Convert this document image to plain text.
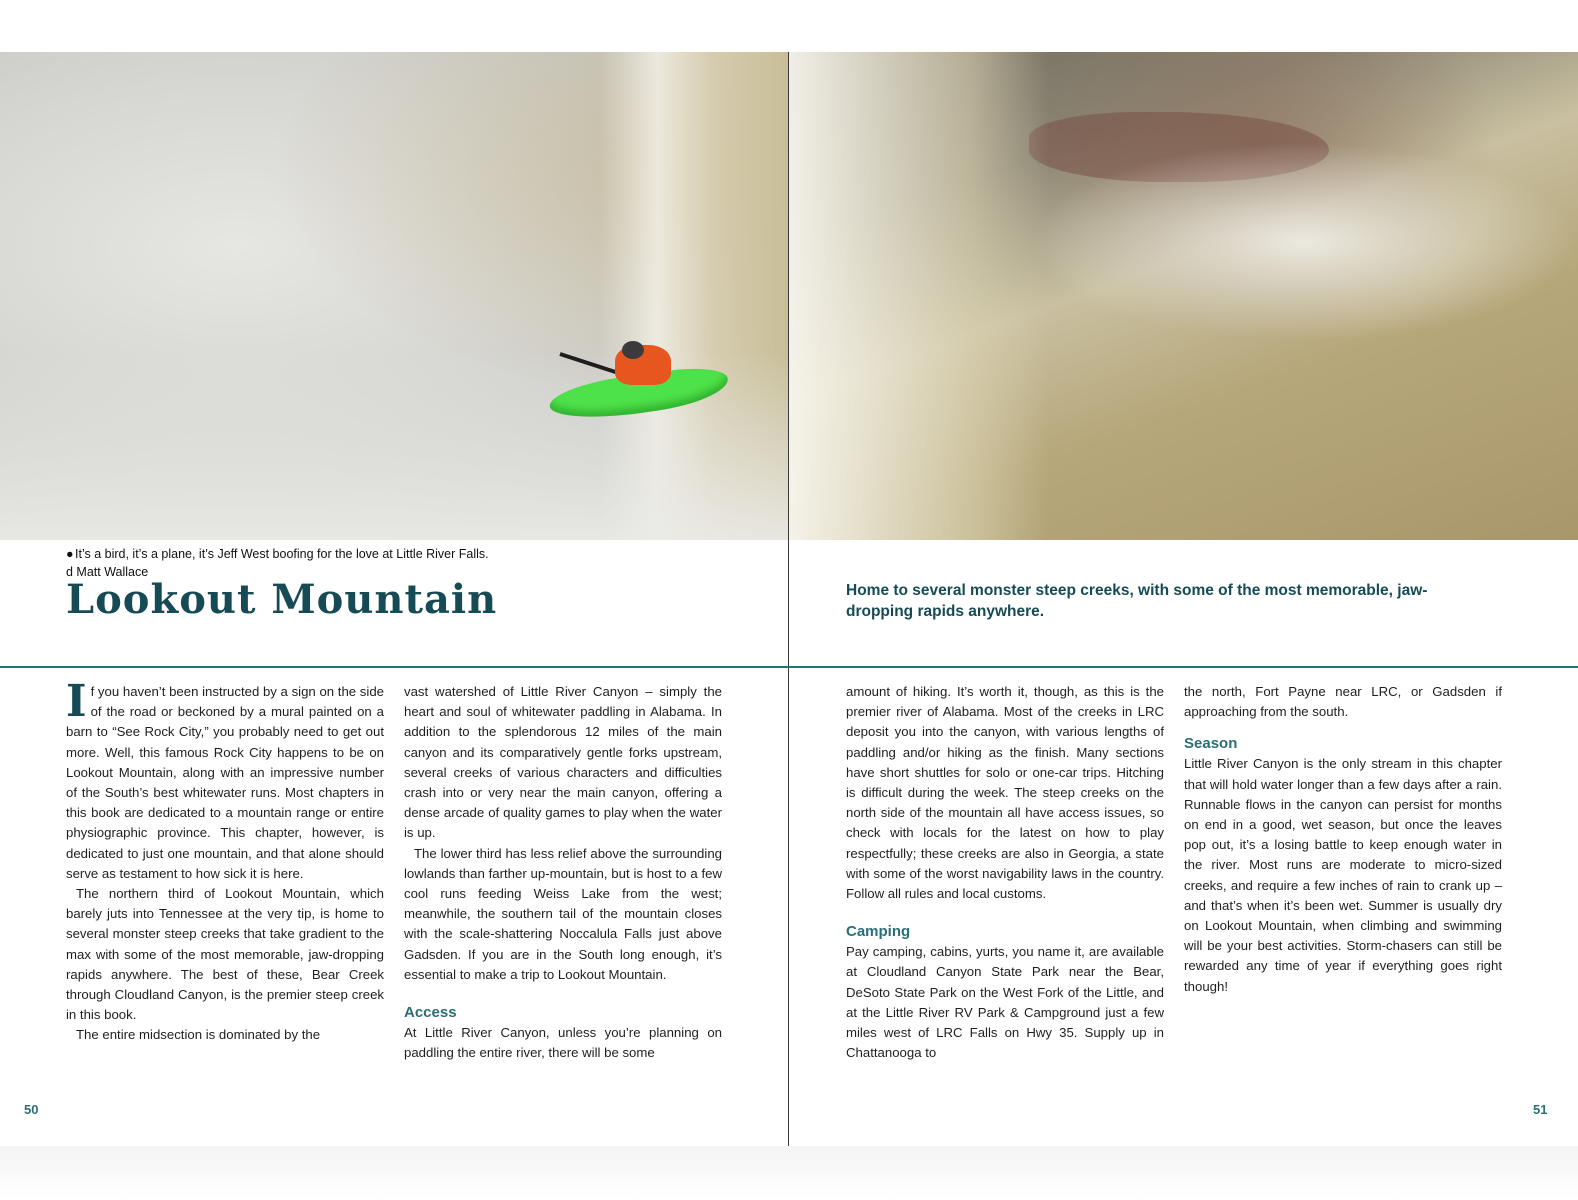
●It’s a bird, it’s a plane, it’s Jeff West boofing for the love at Little River Falls.
d Matt Wallace
Lookout Mountain	Home to several monster steep creeks, with some of the most memorable, jaw-dropping rapids anywhere.

If you haven’t been instructed by a sign on the side of the road or beckoned by a mural painted on a barn to “See Rock City,” you probably need to get out more. Well, this famous Rock City happens to be on Lookout Mountain, along with an impressive number of the South’s best whitewater runs. Most chapters in this book are dedicated to a mountain range or entire physiographic province. This chapter, however, is dedicated to just one mountain, and that alone should serve as testament to how sick it is here.

The northern third of Lookout Mountain, which barely juts into Tennessee at the very tip, is home to several monster steep creeks that take gradient to the max with some of the most memorable, jaw-dropping rapids anywhere. The best of these, Bear Creek through Cloudland Canyon, is the premier steep creek in this book.

The entire midsection is dominated by the

vast watershed of Little River Canyon – simply the heart and soul of whitewater paddling in Alabama. In addition to the splendorous 12 miles of the main canyon and its comparatively gentle forks upstream, several creeks of various characters and difficulties crash into or very near the main canyon, offering a dense arcade of quality games to play when the water is up.

The lower third has less relief above the surrounding lowlands than farther up-mountain, but is host to a few cool runs feeding Weiss Lake from the west; meanwhile, the southern tail of the mountain closes with the scale-shattering Noccalula Falls just above Gadsden. If you are in the South long enough, it’s essential to make a trip to Lookout Mountain.

Access

At Little River Canyon, unless you’re planning on paddling the entire river, there will be some

amount of hiking. It’s worth it, though, as this is the premier river of Alabama. Most of the creeks in LRC deposit you into the canyon, with various lengths of paddling and/or hiking as the finish. Many sections have short shuttles for solo or one-car trips. Hitching is difficult during the week. The steep creeks on the north side of the mountain all have access issues, so check with locals for the latest on how to play respectfully; these creeks are also in Georgia, a state with some of the worst navigability laws in the country. Follow all rules and local customs.

Camping

Pay camping, cabins, yurts, you name it, are available at Cloudland Canyon State Park near the Bear, DeSoto State Park on the West Fork of the Little, and at the Little River RV Park & Campground just a few miles west of LRC Falls on Hwy 35. Supply up in Chattanooga to

the north, Fort Payne near LRC, or Gadsden if approaching from the south.

Season

Little River Canyon is the only stream in this chapter that will hold water longer than a few days after a rain. Runnable flows in the canyon can persist for months on end in a good, wet season, but once the leaves pop out, it’s a losing battle to keep enough water in the river. Most runs are moderate to micro-sized creeks, and require a few inches of rain to crank up – and that’s when it’s been wet. Summer is usually dry on Lookout Mountain, when climbing and swimming will be your best activities. Storm-chasers can still be rewarded any time of year if everything goes right though!

50	51
